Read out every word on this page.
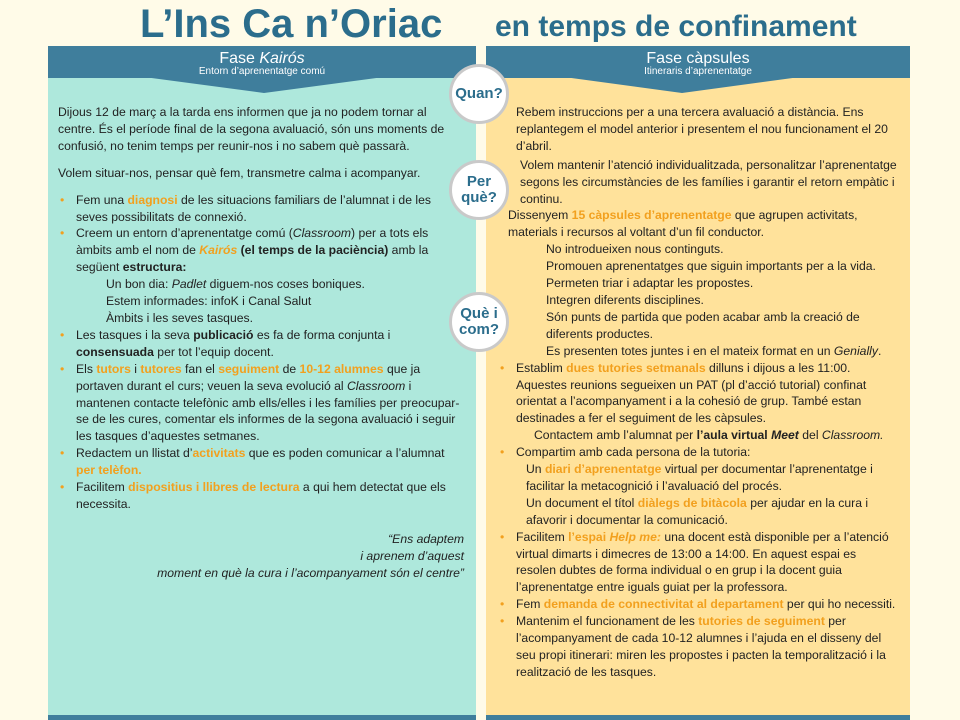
L’Ins Ca n’Oriac en temps de confinament
Fase Kairós
Entorn d’aprenentatge comú

Dijous 12 de març a la tarda ens informen que ja no podem tornar al centre. És el període final de la segona avaluació, són uns moments de confusió, no tenim temps per reunir-nos i no sabem què passarà.

Volem situar-nos, pensar què fem, transmetre calma i acompanyar.

• Fem una diagnosi de les situacions familiars de l’alumnat i de les seves possibilitats de connexió.
• Creem un entorn d’aprenentatge comú (Classroom) per a tots els àmbits amb el nom de Kairós (el temps de la paciència) amb la següent estructura:
Un bon dia: Padlet diguem-nos coses boniques.
Estem informades: infoK i Canal Salut
Àmbits i les seves tasques.
• Les tasques i la seva publicació es fa de forma conjunta i consensuada per tot l’equip docent.
• Els tutors i tutores fan el seguiment de 10-12 alumnes que ja portaven durant el curs; veuen la seva evolució al Classroom i mantenen contacte telefònic amb ells/elles i les famílies per preocupar-se de les cures, comentar els informes de la segona avaluació i seguir les tasques d’aquestes setmanes.
• Redactem un llistat d’activitats que es poden comunicar a l’alumnat per telèfon.
• Facilitem dispositius i llibres de lectura a qui hem detectat que els necessita.
“Ens adaptem
i aprenem d’aquest
moment en què la cura i l’acompanyament són el centre”
Fase càpsules
Itineraris d’aprenentatge

Rebem instruccions per a una tercera avaluació a distància. Ens replantegem el model anterior i presentem el nou funcionament el 20 d’abril.

Volem mantenir l’atenció individualitzada, personalitzar l’aprenentatge segons les circumstàncies de les famílies i garantir el retorn empàtic i continu.

Dissenyem 15 càpsules d’aprenentatge que agrupen activitats, materials i recursos al voltant d’un fil conductor.

No introdueixen nous continguts.
Promouen aprenentatges que siguin importants per a la vida.
Permeten triar i adaptar les propostes.
Integren diferents disciplines.
Són punts de partida que poden acabar amb la creació de diferents productes.
Es presenten totes juntes i en el mateix format en un Genially.
• Establim dues tutories setmanals dilluns i dijous a les 11:00. Aquestes reunions segueixen un PAT (pl d’acció tutorial) confinat orientat a l’acompanyament i a la cohesió de grup. També estan destinades a fer el seguiment de les càpsules.
Contactem amb l’alumnat per l’aula virtual Meet del Classroom.
• Compartim amb cada persona de la tutoria:
Un diari d’aprenentatge virtual per documentar l’aprenentatge i facilitar la metacognició i l’avaluació del procés.
Un document el títol diàlegs de bitàcola per ajudar en la cura i afavorir i documentar la comunicació.
• Facilitem l’espai Help me: una docent està disponible per a l’atenció virtual dimarts i dimecres de 13:00 a 14:00. En aquest espai es resolen dubtes de forma individual o en grup i la docent guia l’aprenentatge entre iguals guiat per la professora.
• Fem demanda de connectivitat al departament per qui ho necessiti.
• Mantenim el funcionament de les tutories de seguiment per l’acompanyament de cada 10-12 alumnes i l’ajuda en el disseny del seu propi itinerari: miren les propostes i pacten la temporalització i la realització de les tasques.
Quan?
Per
què?
Què i
com?
